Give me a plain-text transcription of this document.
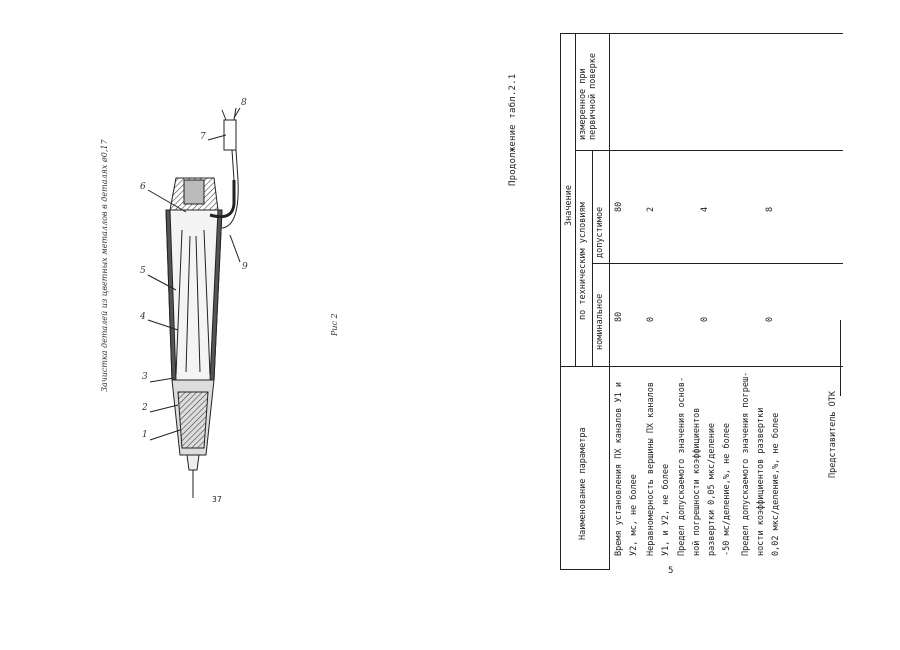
1
2
3
4
5
6
7
8
9
Зачистка деталей из цветных металлов в деталях ø0,17	Рис 2
37
Продолжение табл.2.1
Наименование параметра
Значение по техническим условиям
номинальное
допустимое
измеренное при первичной поверке
Время установления ПХ каналов У1 и У2, мс, не более
80
80
Неравномерность вершины ПХ каналов У1, и У2, не более
0
2
Предел допускаемого значения основ- ной погрешности коэффициентов развертки 0,05 мкс/деление -50 мс/деление,%, не более
0
4
Предел допускаемого значения погреш- ности коэффициентов развертки 0,02 мкс/деление,%, не более
0
8
Представитель ОТК
5
